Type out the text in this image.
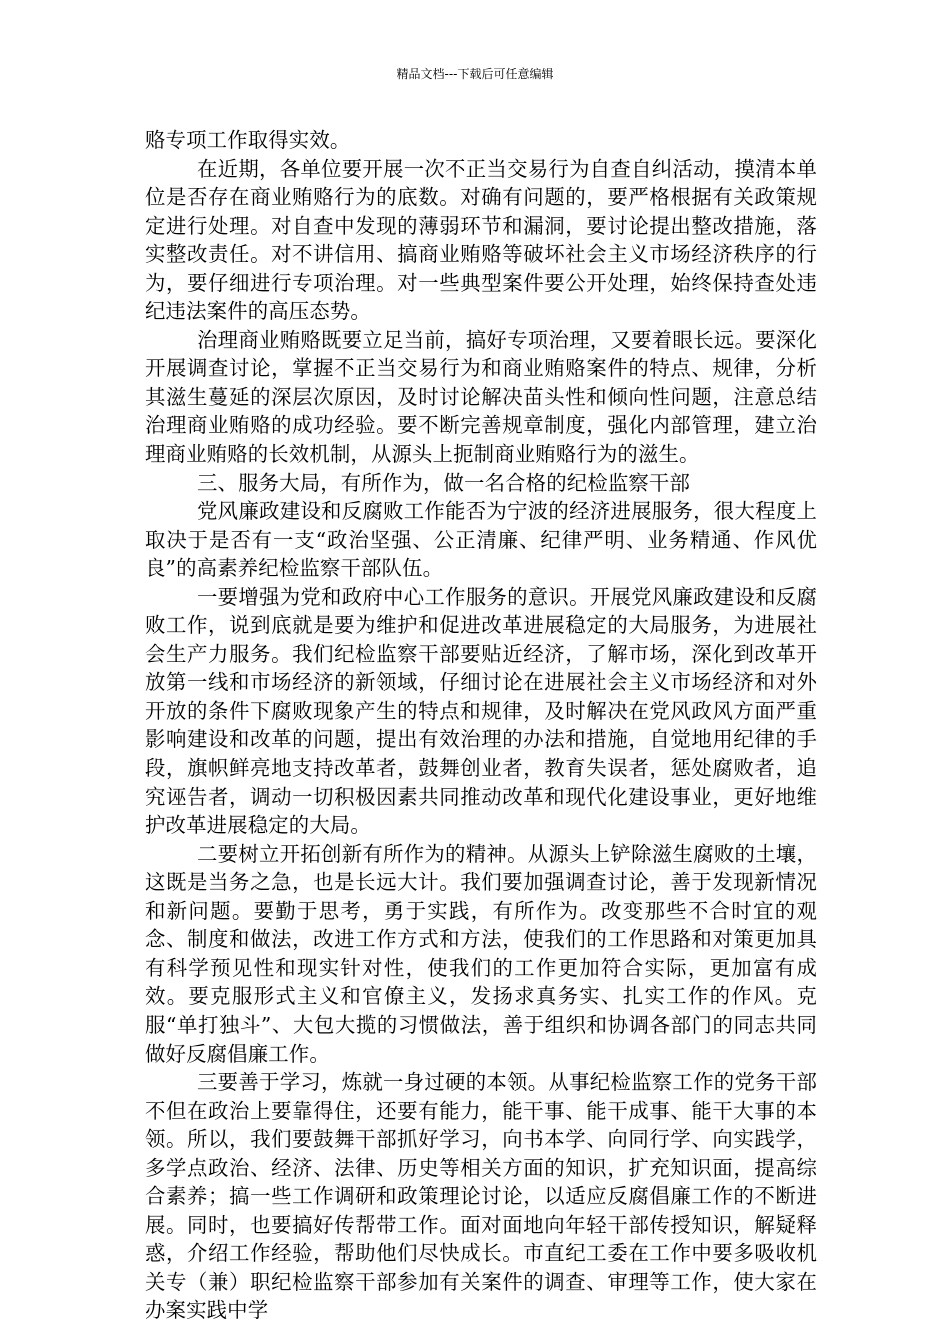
精品文档---下载后可任意编辑

赂专项工作取得实效。

在近期，各单位要开展一次不正当交易行为自查自纠活动，摸清本单位是否存在商业贿赂行为的底数。对确有问题的，要严格根据有关政策规定进行处理。对自查中发现的薄弱环节和漏洞，要讨论提出整改措施，落实整改责任。对不讲信用、搞商业贿赂等破坏社会主义市场经济秩序的行为，要仔细进行专项治理。对一些典型案件要公开处理，始终保持查处违纪违法案件的高压态势。

治理商业贿赂既要立足当前，搞好专项治理，又要着眼长远。要深化开展调查讨论，掌握不正当交易行为和商业贿赂案件的特点、规律，分析其滋生蔓延的深层次原因，及时讨论解决苗头性和倾向性问题，注意总结治理商业贿赂的成功经验。要不断完善规章制度，强化内部管理，建立治理商业贿赂的长效机制，从源头上扼制商业贿赂行为的滋生。

三、服务大局，有所作为，做一名合格的纪检监察干部

党风廉政建设和反腐败工作能否为宁波的经济进展服务，很大程度上取决于是否有一支“政治坚强、公正清廉、纪律严明、业务精通、作风优良”的高素养纪检监察干部队伍。

一要增强为党和政府中心工作服务的意识。开展党风廉政建设和反腐败工作，说到底就是要为维护和促进改革进展稳定的大局服务，为进展社会生产力服务。我们纪检监察干部要贴近经济，了解市场，深化到改革开放第一线和市场经济的新领域，仔细讨论在进展社会主义市场经济和对外开放的条件下腐败现象产生的特点和规律，及时解决在党风政风方面严重影响建设和改革的问题，提出有效治理的办法和措施，自觉地用纪律的手段，旗帜鲜亮地支持改革者，鼓舞创业者，教育失误者，惩处腐败者，追究诬告者，调动一切积极因素共同推动改革和现代化建设事业，更好地维护改革进展稳定的大局。

二要树立开拓创新有所作为的精神。从源头上铲除滋生腐败的土壤，这既是当务之急，也是长远大计。我们要加强调查讨论，善于发现新情况和新问题。要勤于思考，勇于实践，有所作为。改变那些不合时宜的观念、制度和做法，改进工作方式和方法，使我们的工作思路和对策更加具有科学预见性和现实针对性，使我们的工作更加符合实际，更加富有成效。要克服形式主义和官僚主义，发扬求真务实、扎实工作的作风。克服“单打独斗”、大包大揽的习惯做法，善于组织和协调各部门的同志共同做好反腐倡廉工作。

三要善于学习，炼就一身过硬的本领。从事纪检监察工作的党务干部不但在政治上要靠得住，还要有能力，能干事、能干成事、能干大事的本领。所以，我们要鼓舞干部抓好学习，向书本学、向同行学、向实践学，多学点政治、经济、法律、历史等相关方面的知识，扩充知识面，提高综合素养；搞一些工作调研和政策理论讨论，以适应反腐倡廉工作的不断进展。同时，也要搞好传帮带工作。面对面地向年轻干部传授知识，解疑释惑，介绍工作经验，帮助他们尽快成长。市直纪工委在工作中要多吸收机关专（兼）职纪检监察干部参加有关案件的调查、审理等工作，使大家在办案实践中学
